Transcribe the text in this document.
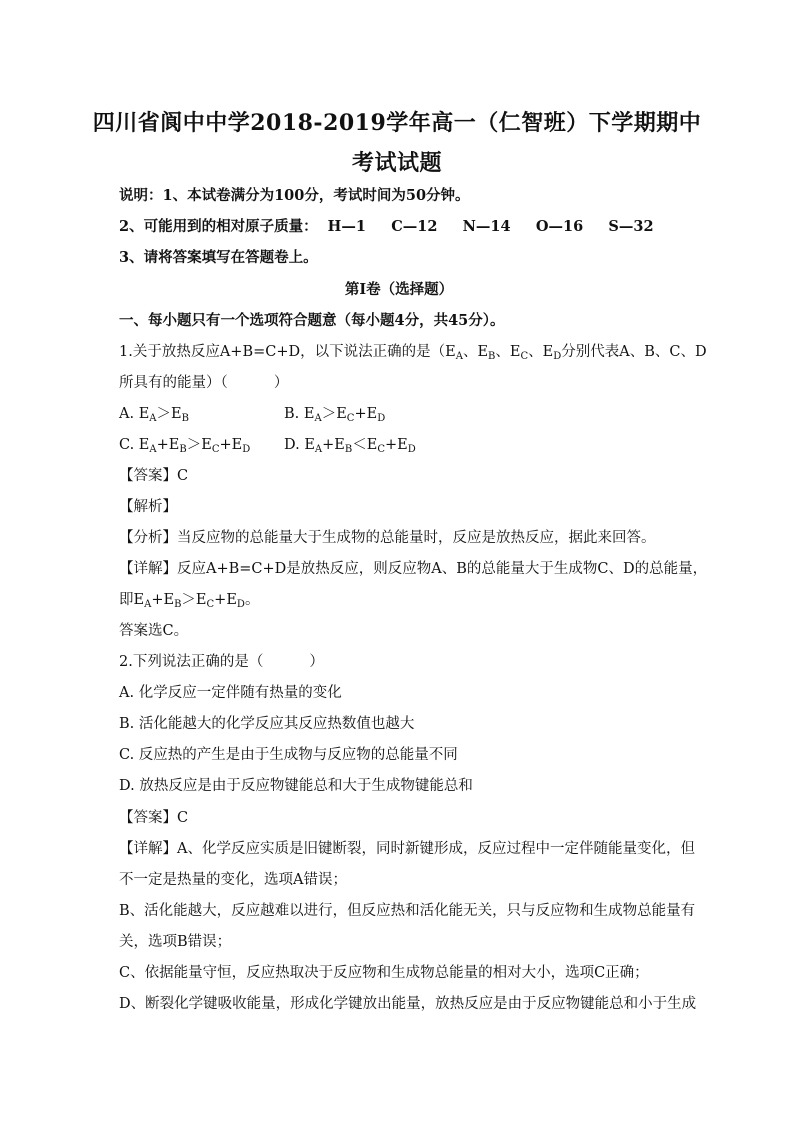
四川省阆中中学2018-2019学年高一（仁智班）下学期期中
考试试题
说明：1、本试卷满分为100分，考试时间为50分钟。
2、可能用到的相对原子质量：  H—1     C—12     N—14     O—16     S—32
3、请将答案填写在答题卷上。
第Ⅰ卷（选择题）
一、每小题只有一个选项符合题意（每小题4分，共45分）。
1.关于放热反应A+B=C+D，以下说法正确的是（$E_A$、$E_B$、$E_C$、$E_D$分别代表A、B、C、D
所具有的能量）（          ）
A. $E_A>E_B$	B. $E_A>E_C+E_D$
C. $E_A+E_B>E_C+E_D$ D. $E_A+E_B<E_C+E_D$
【答案】C
【解析】
【分析】当反应物的总能量大于生成物的总能量时，反应是放热反应，据此来回答。
【详解】反应A+B=C+D是放热反应，则反应物A、B的总能量大于生成物C、D的总能量，
即$E_A+E_B>E_C+E_D$。
答案选C。
2.下列说法正确的是（          ）
A. 化学反应一定伴随有热量的变化
B. 活化能越大的化学反应其反应热数值也越大
C. 反应热的产生是由于生成物与反应物的总能量不同
D. 放热反应是由于反应物键能总和大于生成物键能总和
【答案】C
【详解】A、化学反应实质是旧键断裂，同时新键形成，反应过程中一定伴随能量变化，但
不一定是热量的变化，选项A错误；
B、活化能越大，反应越难以进行，但反应热和活化能无关，只与反应物和生成物总能量有
关，选项B错误；
C、依据能量守恒，反应热取决于反应物和生成物总能量的相对大小，选项C正确；
D、断裂化学键吸收能量，形成化学键放出能量，放热反应是由于反应物键能总和小于生成
